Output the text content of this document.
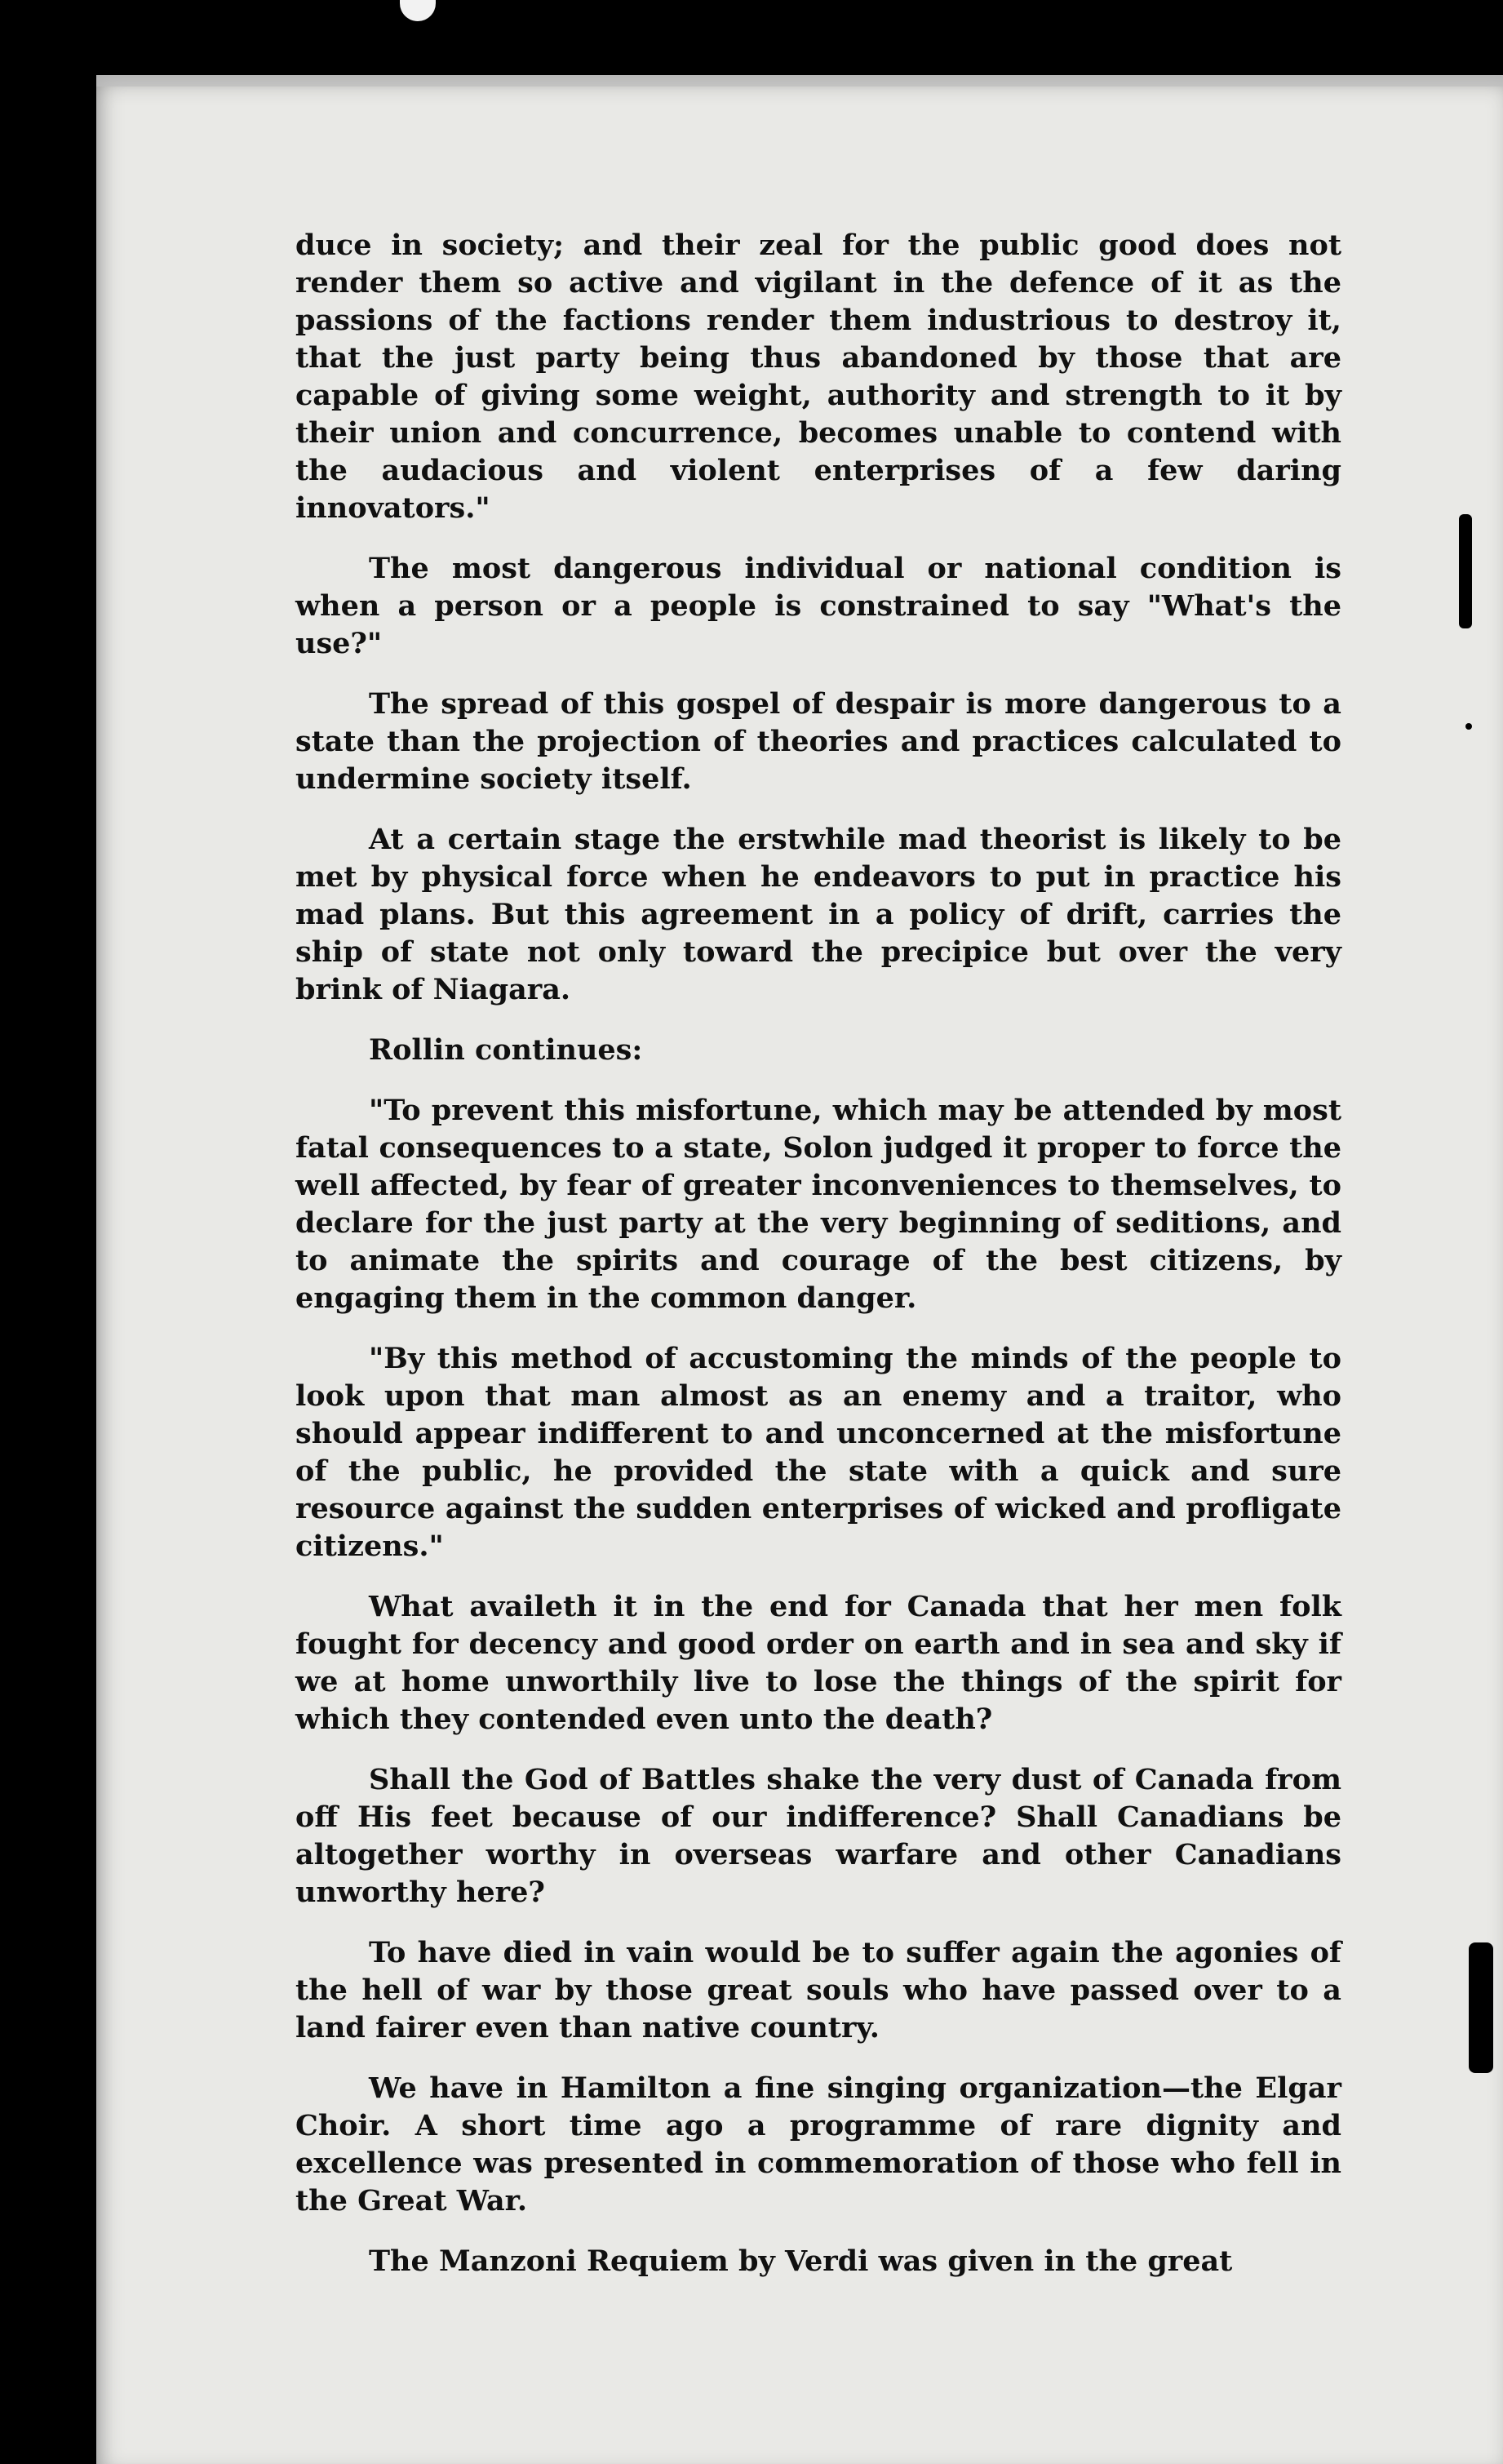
duce in society; and their zeal for the public good does not render them so active and vigilant in the defence of it as the passions of the factions render them industrious to destroy it, that the just party being thus abandoned by those that are capable of giving some weight, authority and strength to it by their union and concurrence, becomes unable to contend with the audacious and violent enterprises of a few daring innovators."

The most dangerous individual or national condition is when a person or a people is constrained to say "What's the use?"

The spread of this gospel of despair is more dangerous to a state than the projection of theories and practices calculated to undermine society itself.

At a certain stage the erstwhile mad theorist is likely to be met by physical force when he endeavors to put in practice his mad plans. But this agreement in a policy of drift, carries the ship of state not only toward the precipice but over the very brink of Niagara.

Rollin continues:

"To prevent this misfortune, which may be attended by most fatal consequences to a state, Solon judged it proper to force the well affected, by fear of greater inconveniences to themselves, to declare for the just party at the very beginning of seditions, and to animate the spirits and courage of the best citizens, by engaging them in the common danger.

"By this method of accustoming the minds of the people to look upon that man almost as an enemy and a traitor, who should appear indifferent to and unconcerned at the misfortune of the public, he provided the state with a quick and sure resource against the sudden enterprises of wicked and profligate citizens."

What availeth it in the end for Canada that her men folk fought for decency and good order on earth and in sea and sky if we at home unworthily live to lose the things of the spirit for which they contended even unto the death?

Shall the God of Battles shake the very dust of Canada from off His feet because of our indifference? Shall Canadians be altogether worthy in overseas warfare and other Canadians unworthy here?

To have died in vain would be to suffer again the agonies of the hell of war by those great souls who have passed over to a land fairer even than native country.

We have in Hamilton a fine singing organization—the Elgar Choir. A short time ago a programme of rare dignity and excellence was presented in commemoration of those who fell in the Great War.

The Manzoni Requiem by Verdi was given in the great
